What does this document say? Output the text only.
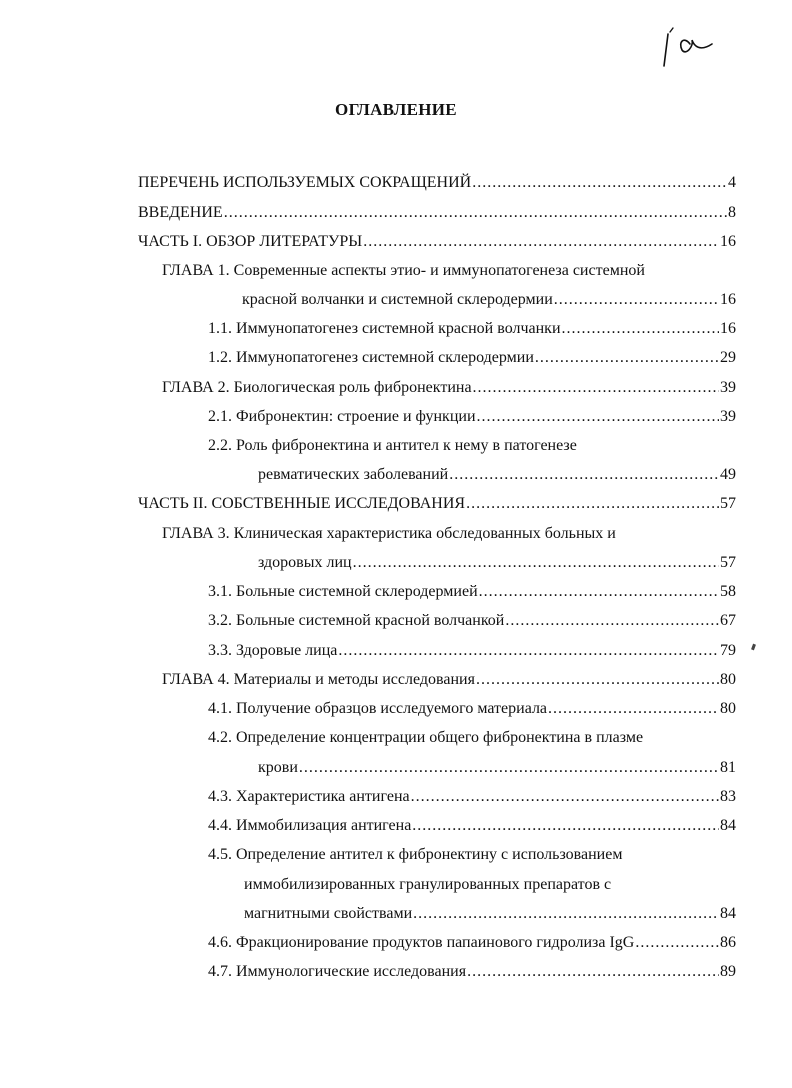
ОГЛАВЛЕНИЕ
ПЕРЕЧЕНЬ ИСПОЛЬЗУЕМЫХ СОКРАЩЕНИЙ .....	4
ВВЕДЕНИЕ .....	8
ЧАСТЬ I. ОБЗОР ЛИТЕРАТУРЫ .....	16
ГЛАВА 1. Современные аспекты этио- и иммунопатогенеза системной
красной волчанки и системной склеродермии .....	16
1.1. Иммунопатогенез системной красной волчанки .....	16
1.2. Иммунопатогенез системной склеродермии .....	29
ГЛАВА 2. Биологическая роль фибронектина .....	39
2.1. Фибронектин: строение и функции .....	39
2.2. Роль фибронектина и антител к нему в патогенезе
ревматических заболеваний .....	49
ЧАСТЬ II. СОБСТВЕННЫЕ ИССЛЕДОВАНИЯ .....	57
ГЛАВА 3. Клиническая характеристика обследованных больных и
здоровых лиц .....	57
3.1. Больные системной склеродермией .....	58
3.2. Больные системной красной волчанкой .....	67
3.3. Здоровые лица .....	79
ГЛАВА 4. Материалы и методы исследования .....	80
4.1. Получение образцов исследуемого материала .....	80
4.2. Определение концентрации общего фибронектина в плазме
крови .....	81
4.3. Характеристика антигена .....	83
4.4. Иммобилизация антигена .....	84
4.5. Определение антител к фибронектину с использованием
иммобилизированных гранулированных препаратов с
магнитными свойствами .....	84
4.6. Фракционирование продуктов папаинового гидролиза IgG .....	86
4.7. Иммунологические исследования .....	89
